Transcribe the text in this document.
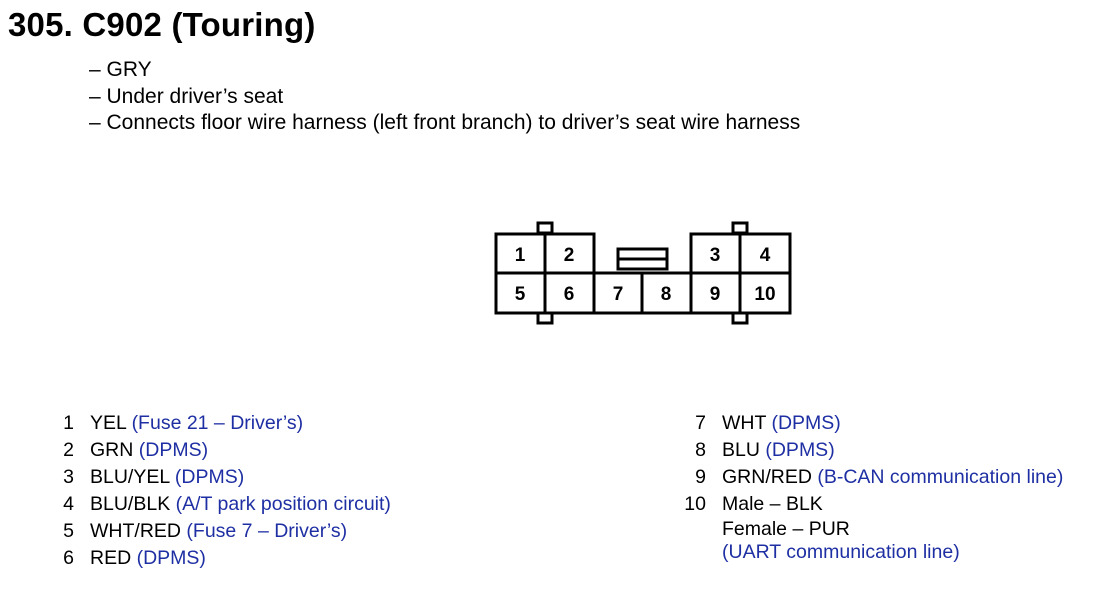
305. C902 (Touring)
– GRY
– Under driver’s seat
– Connects floor wire harness (left front branch) to driver’s seat wire harness
1 2	3 4
5 6 7 8 9 10
1 YEL (Fuse 21 – Driver’s)
2 GRN (DPMS)
3 BLU/YEL (DPMS)
4 BLU/BLK (A/T park position circuit)
5 WHT/RED (Fuse 7 – Driver’s)
6 RED (DPMS)
7 WHT (DPMS)
8 BLU (DPMS)
9 GRN/RED (B-CAN communication line)
10 Male – BLK
Female – PUR
(UART communication line)
